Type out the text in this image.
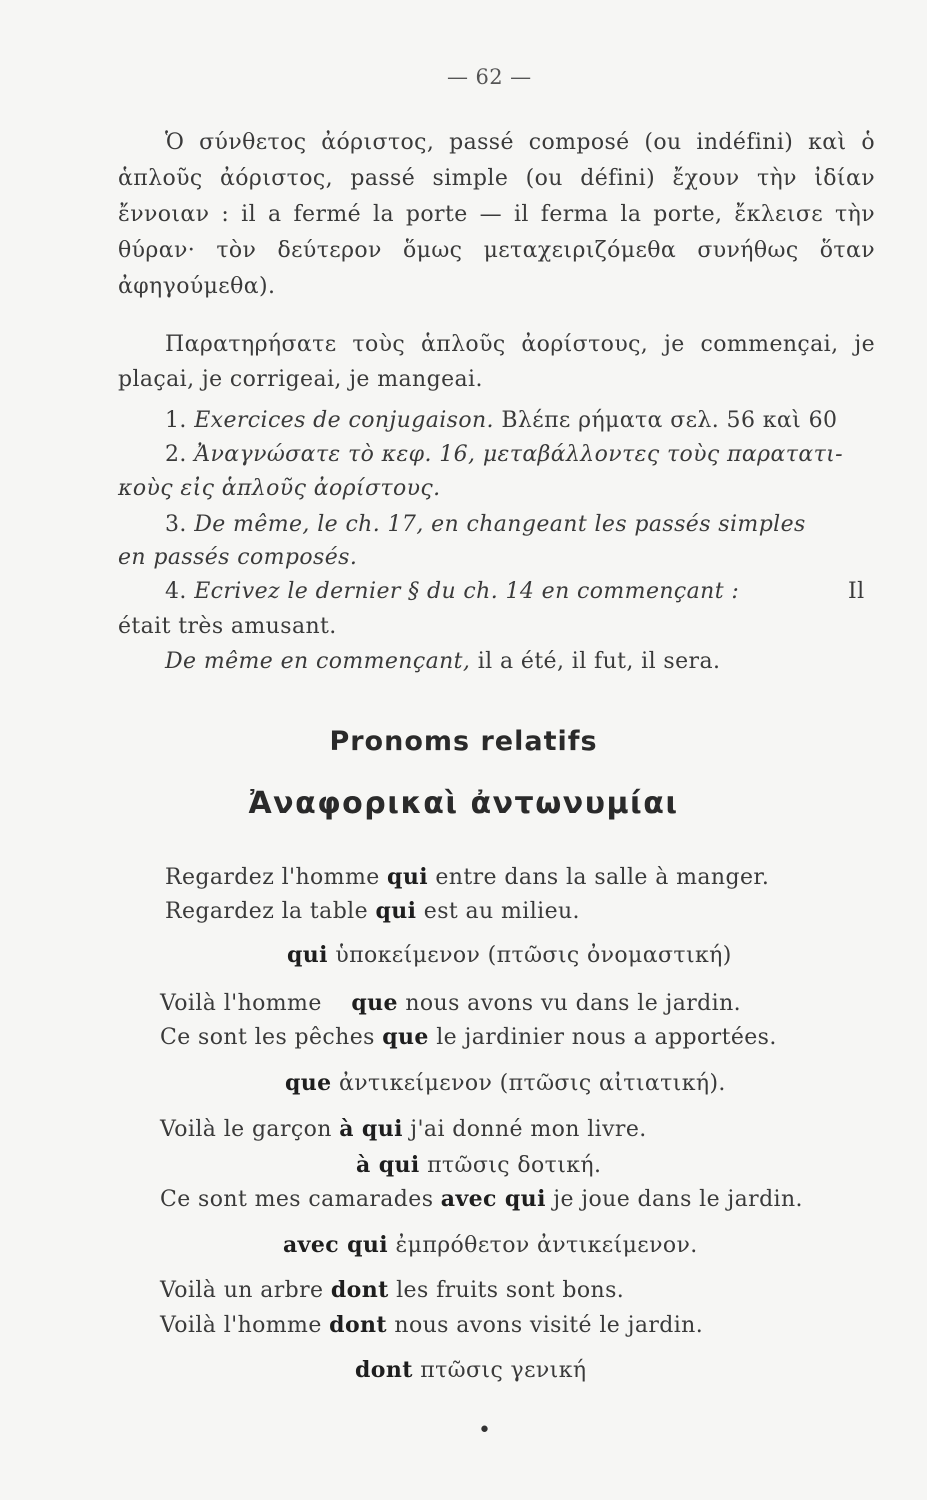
— 62 —

Ὁ σύνθετος ἀόριστος, passé composé (ou indéfini) καὶ ὁ

ἁπλοῦς ἀόριστος, passé simple (ou défini) ἔχουν τὴν ἰδίαν

ἔννοιαν : il a fermé la porte — il ferma la porte, ἔκλεισε τὴν

θύραν· τὸν δεύτερον ὅμως μεταχειριζόμεθα συνήθως ὅταν

ἀφηγούμεθα).

Παρατηρήσατε τοὺς ἁπλοῦς ἀορίστους, je commençai, je

plaçai, je corrigeai, je mangeai.

1. Exercices de conjugaison. Βλέπε ρήματα σελ. 56 καὶ 60

2. Ἀναγνώσατε τὸ κεφ. 16, μεταβάλλοντες τοὺς παρατατι-

κοὺς εἰς ἁπλοῦς ἀορίστους.

3. De même, le ch. 17, en changeant les passés simples

en passés composés.

4. Ecrivez le dernier § du ch. 14 en commençant :	Il

était très amusant.

De même en commençant, il a été, il fut, il sera.

Pronoms relatifs
Ἀναφορικαὶ ἀντωνυμίαι

Regardez l'homme qui entre dans la salle à manger.

Regardez la table qui est au milieu.

qui ὑποκείμενον (πτῶσις ὀνομαστική)

Voilà l'homme que nous avons vu dans le jardin.

Ce sont les pêches que le jardinier nous a apportées.

que ἀντικείμενον (πτῶσις αἰτιατική).

Voilà le garçon à qui j'ai donné mon livre.

à qui πτῶσις δοτική.

Ce sont mes camarades avec qui je joue dans le jardin.

avec qui ἐμπρόθετον ἀντικείμενον.

Voilà un arbre dont les fruits sont bons.

Voilà l'homme dont nous avons visité le jardin.

dont πτῶσις γενική

•
